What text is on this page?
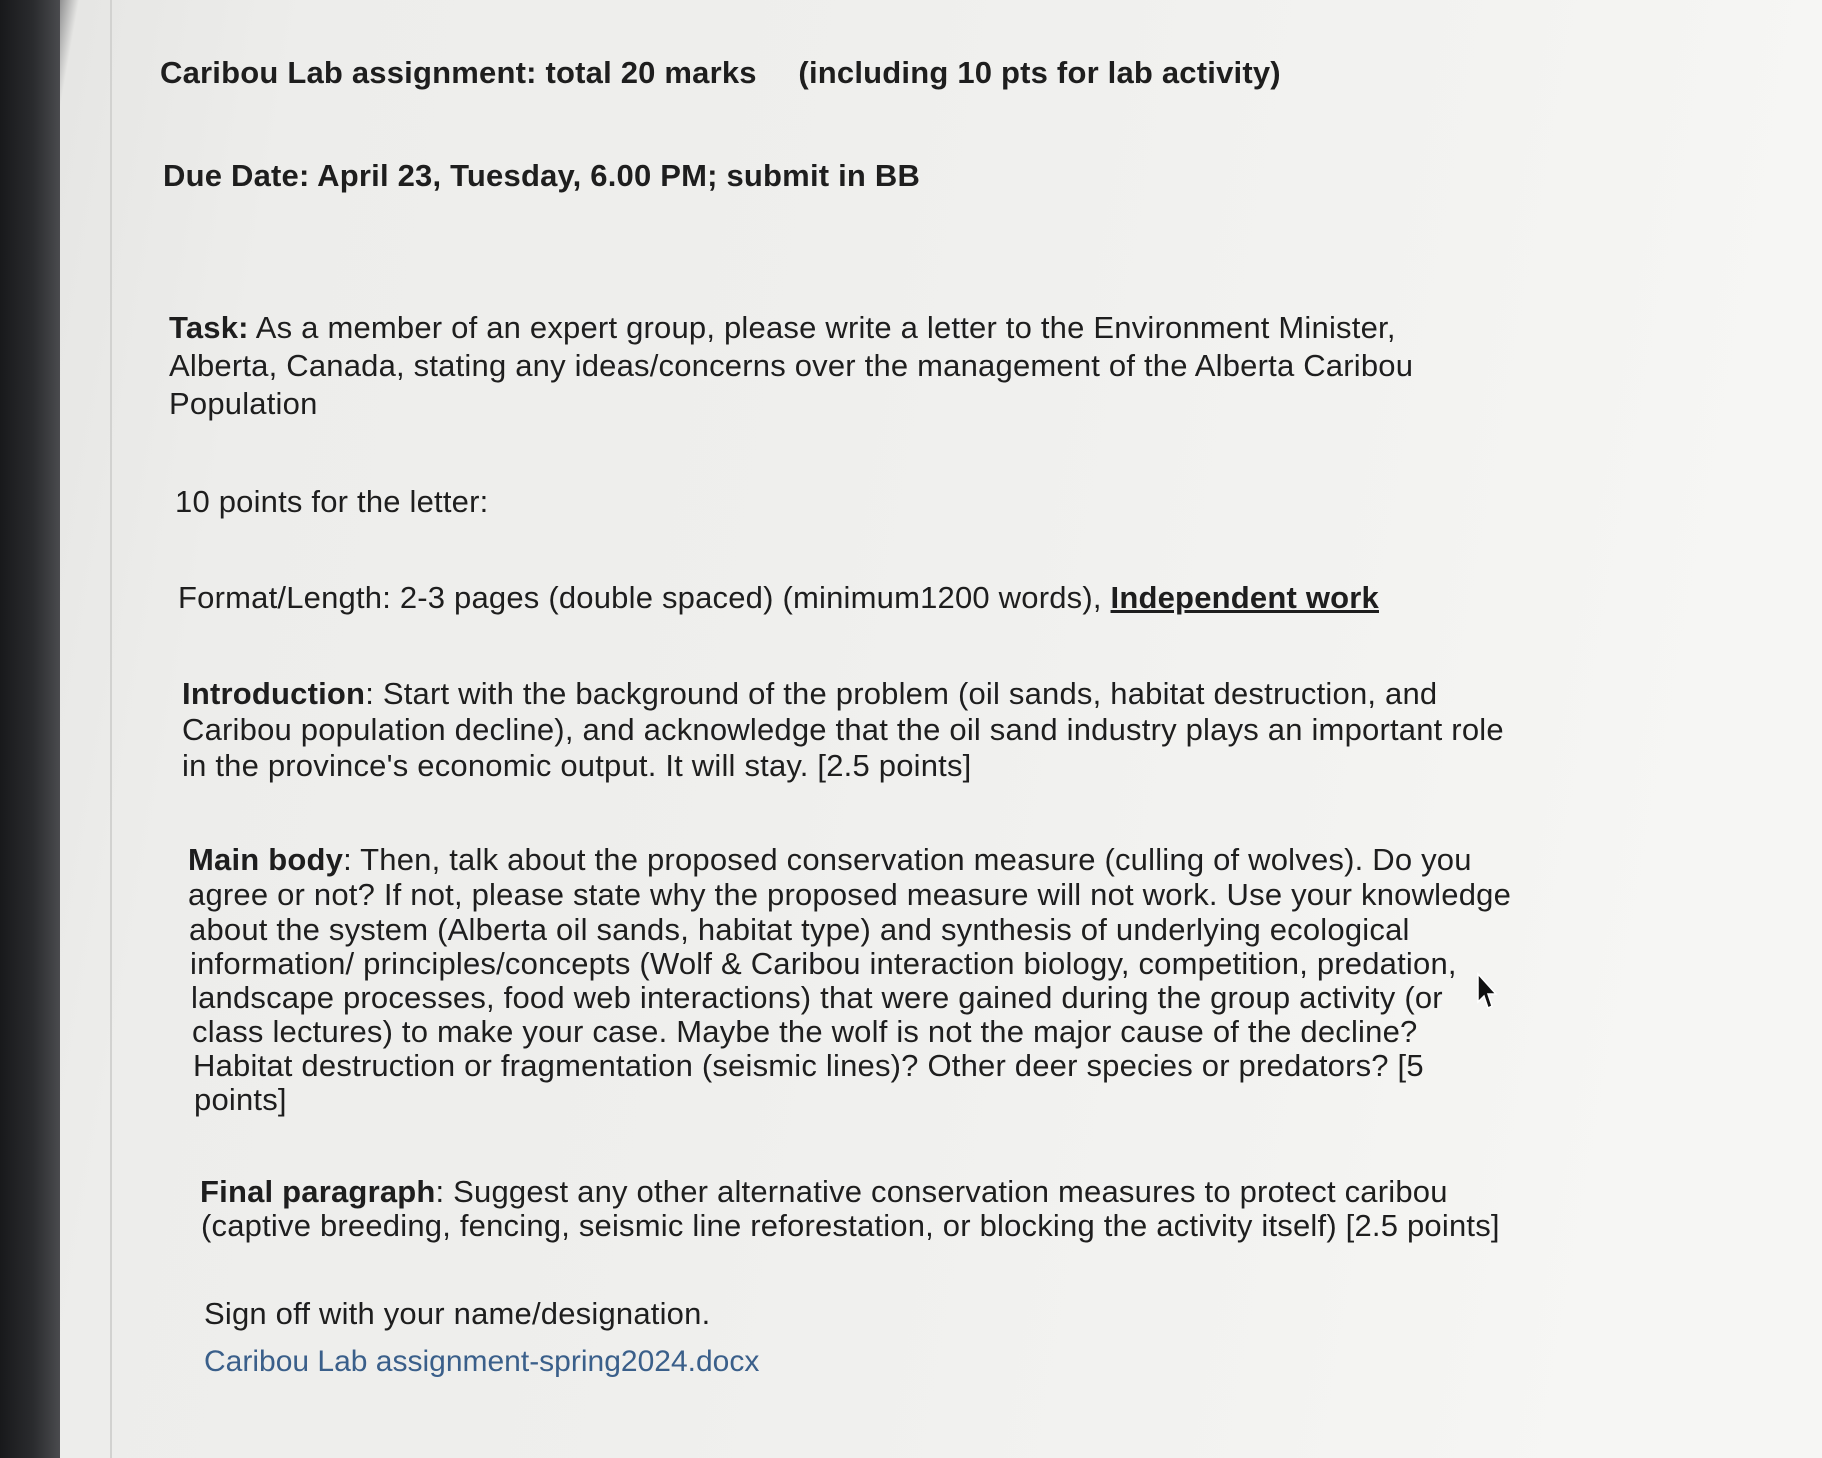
Caribou Lab assignment: total 20 marks (including 10 pts for lab activity)
Due Date: April 23, Tuesday, 6.00 PM; submit in BB
Task: As a member of an expert group, please write a letter to the Environment Minister,
Alberta, Canada, stating any ideas/concerns over the management of the Alberta Caribou
Population
10 points for the letter:
Format/Length: 2-3 pages (double spaced) (minimum1200 words), Independent work
Introduction: Start with the background of the problem (oil sands, habitat destruction, and
Caribou population decline), and acknowledge that the oil sand industry plays an important role
in the province's economic output. It will stay. [2.5 points]
Main body: Then, talk about the proposed conservation measure (culling of wolves). Do you
agree or not? If not, please state why the proposed measure will not work. Use your knowledge
about the system (Alberta oil sands, habitat type) and synthesis of underlying ecological
information/ principles/concepts (Wolf & Caribou interaction biology, competition, predation,
landscape processes, food web interactions) that were gained during the group activity (or
class lectures) to make your case. Maybe the wolf is not the major cause of the decline?
Habitat destruction or fragmentation (seismic lines)? Other deer species or predators? [5
points]
Final paragraph: Suggest any other alternative conservation measures to protect caribou
(captive breeding, fencing, seismic line reforestation, or blocking the activity itself) [2.5 points]
Sign off with your name/designation.
Caribou Lab assignment-spring2024.docx
